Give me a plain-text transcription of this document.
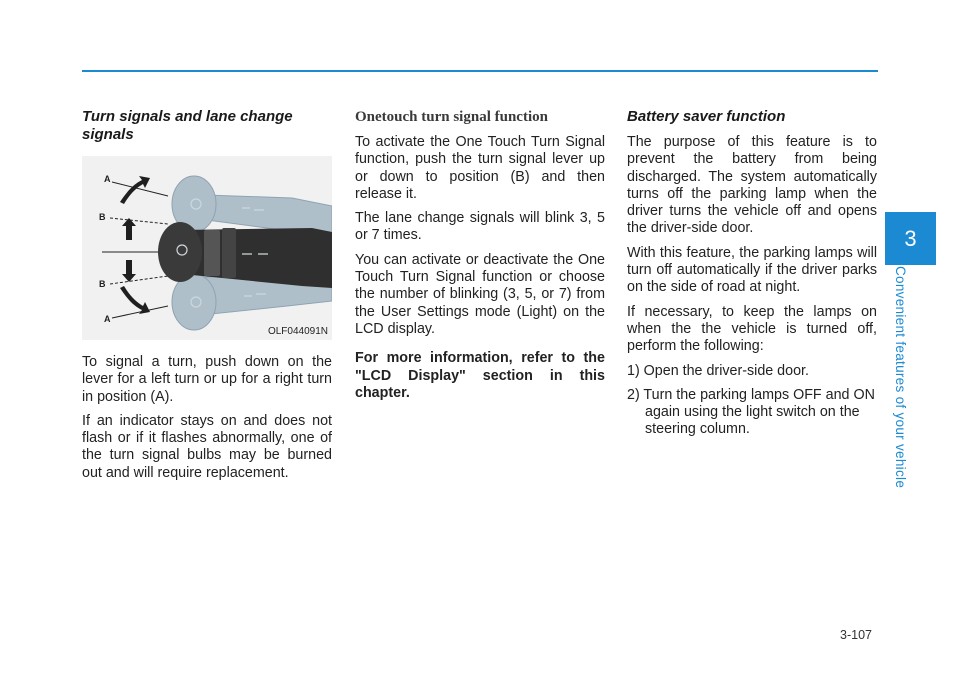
Turn signals and lane change signals
A
B
B
A
OLF044091N

To signal a turn, push down on the lever for a left turn or up for a right turn in position (A).

If an indicator stays on and does not flash or if it flashes abnormally, one of the turn signal bulbs may be burned out and will require replacement.

Onetouch turn signal function

To activate the One Touch Turn Signal function, push the turn signal lever up or down to position (B) and then release it.

The lane change signals will blink 3, 5 or 7 times.

You can activate or deactivate the One Touch Turn Signal function or choose the number of blinking (3, 5, or 7) from the User Settings mode (Light) on the LCD display.

For more information, refer to the "LCD Display" section in this chapter.

Battery saver function

The purpose of this feature is to prevent the battery from being discharged. The system automatically turns off the parking lamp when the driver turns the vehicle off and opens the driver-side door.

With this feature, the parking lamps will turn off automatically if the driver parks on the side of road at night.

If necessary, to keep the lamps on when the the vehicle is turned off, perform the following:

1) Open the driver-side door.

2) Turn the parking lamps OFF and ON again using the light switch on the steering column.

3
Convenient features of your vehicle
3-107
